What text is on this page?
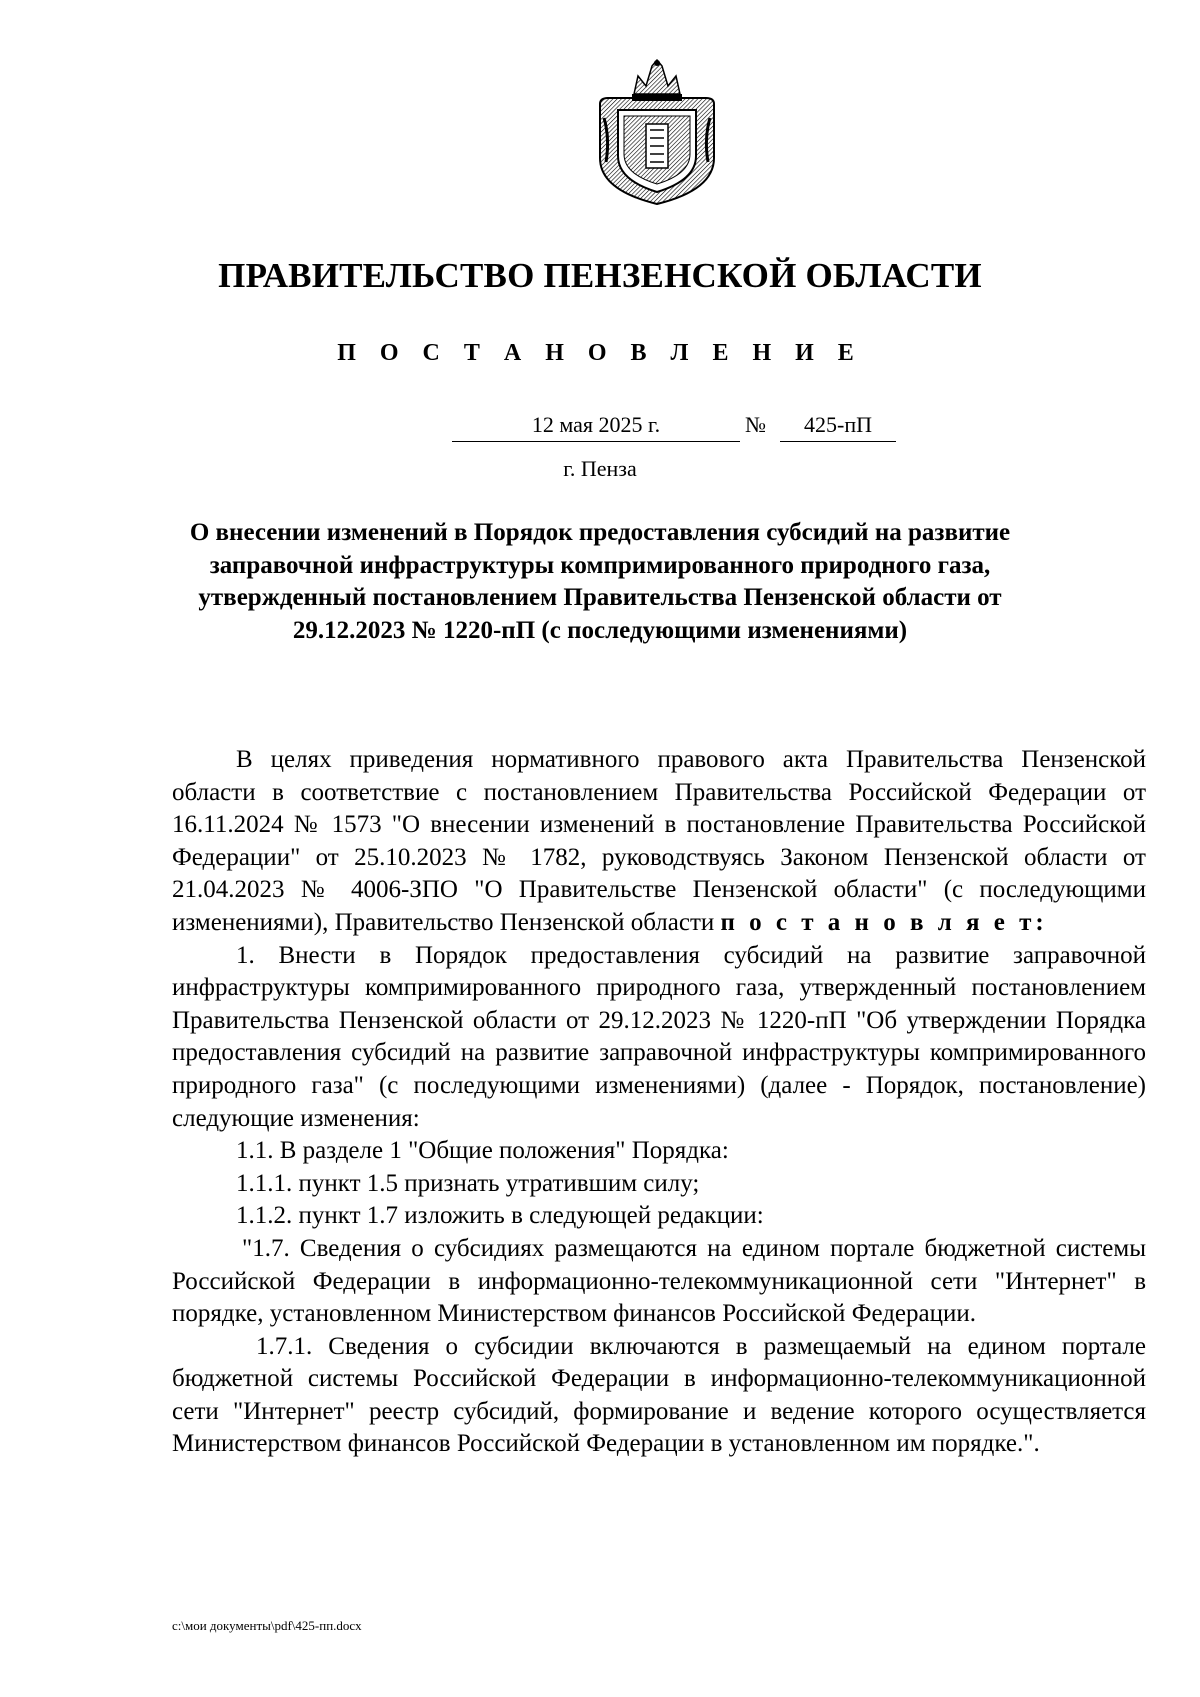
ПРАВИТЕЛЬСТВО ПЕНЗЕНСКОЙ ОБЛАСТИ
П О С Т А Н О В Л Е Н И Е
12 мая 2025 г.	№	425-пП
г. Пенза
О внесении изменений в Порядок предоставления субсидий на развитие заправочной инфраструктуры компримированного природного газа, утвержденный постановлением Правительства Пензенской области от 29.12.2023 № 1220-пП (с последующими изменениями)

В целях приведения нормативного правового акта Правительства Пензенской области в соответствие с постановлением Правительства Российской Федерации от 16.11.2024 № 1573 "О внесении изменений в постановление Правительства Российской Федерации" от 25.10.2023 № 1782, руководствуясь Законом Пензенской области от 21.04.2023 № 4006-ЗПО "О Правительстве Пензенской области" (с последующими изменениями), Правительство Пензенской области п о с т а н о в л я е т:

1. Внести в Порядок предоставления субсидий на развитие заправочной инфраструктуры компримированного природного газа, утвержденный постановлением Правительства Пензенской области от 29.12.2023 № 1220-пП "Об утверждении Порядка предоставления субсидий на развитие заправочной инфраструктуры компримированного природного газа" (с последующими изменениями) (далее - Порядок, постановление) следующие изменения:

1.1. В разделе 1 "Общие положения" Порядка:

1.1.1. пункт 1.5 признать утратившим силу;

1.1.2. пункт 1.7 изложить в следующей редакции:

"1.7. Сведения о субсидиях размещаются на едином портале бюджетной системы Российской Федерации в информационно-телекоммуникационной сети "Интернет" в порядке, установленном Министерством финансов Российской Федерации.

1.7.1. Сведения о субсидии включаются в размещаемый на едином портале бюджетной системы Российской Федерации в информационно-телекоммуникационной сети "Интернет" реестр субсидий, формирование и ведение которого осуществляется Министерством финансов Российской Федерации в установленном им порядке.".

c:\мои документы\pdf\425-пп.docx
